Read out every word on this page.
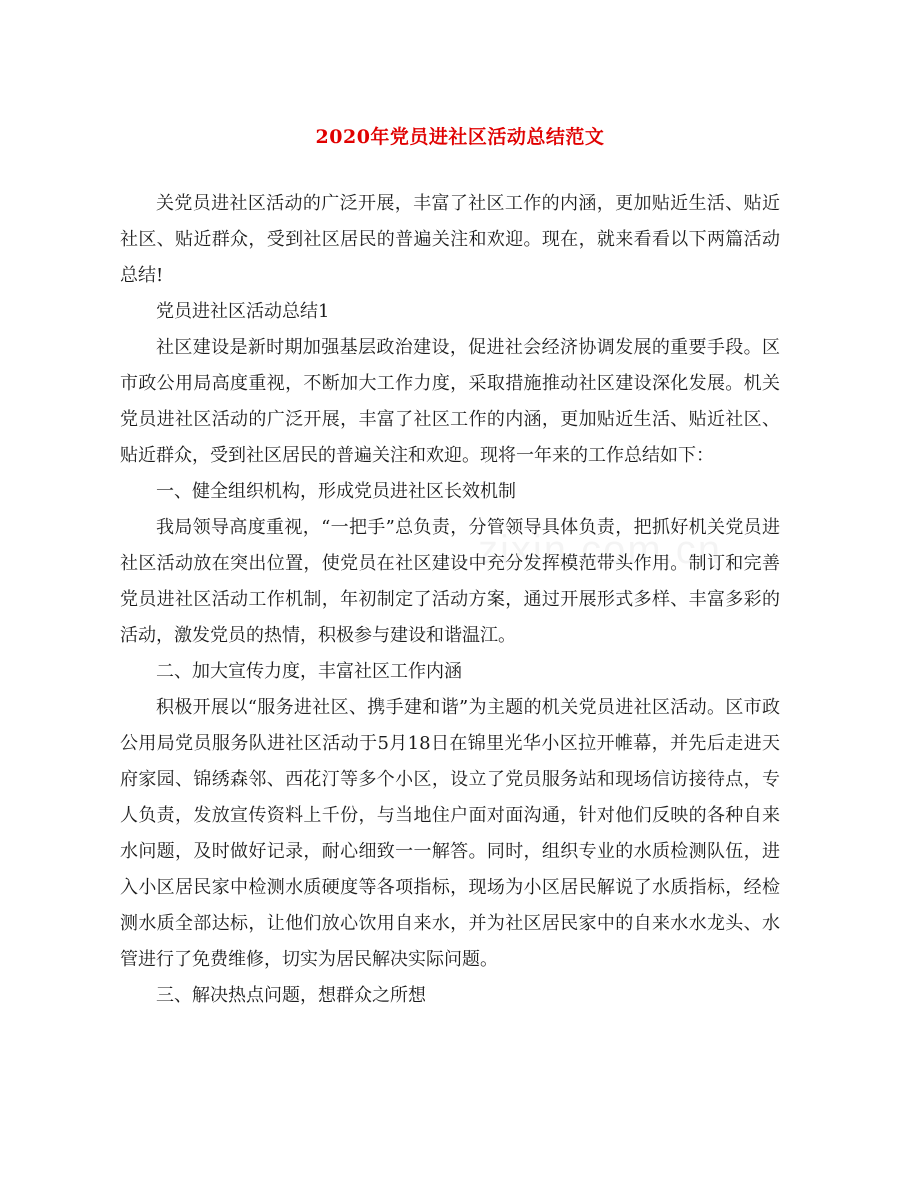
2020年党员进社区活动总结范文

关党员进社区活动的广泛开展，丰富了社区工作的内涵，更加贴近生活、贴近社区、贴近群众，受到社区居民的普遍关注和欢迎。现在，就来看看以下两篇活动总结!

党员进社区活动总结1

社区建设是新时期加强基层政治建设，促进社会经济协调发展的重要手段。区市政公用局高度重视，不断加大工作力度，采取措施推动社区建设深化发展。机关党员进社区活动的广泛开展，丰富了社区工作的内涵，更加贴近生活、贴近社区、贴近群众，受到社区居民的普遍关注和欢迎。现将一年来的工作总结如下：

一、健全组织机构，形成党员进社区长效机制

我局领导高度重视，“一把手”总负责，分管领导具体负责，把抓好机关党员进社区活动放在突出位置，使党员在社区建设中充分发挥模范带头作用。制订和完善党员进社区活动工作机制，年初制定了活动方案，通过开展形式多样、丰富多彩的活动，激发党员的热情，积极参与建设和谐温江。

二、加大宣传力度，丰富社区工作内涵

积极开展以“服务进社区、携手建和谐”为主题的机关党员进社区活动。区市政公用局党员服务队进社区活动于5月18日在锦里光华小区拉开帷幕，并先后走进天府家园、锦绣森邻、西花汀等多个小区，设立了党员服务站和现场信访接待点，专人负责，发放宣传资料上千份，与当地住户面对面沟通，针对他们反映的各种自来水问题，及时做好记录，耐心细致一一解答。同时，组织专业的水质检测队伍，进入小区居民家中检测水质硬度等各项指标，现场为小区居民解说了水质指标，经检测水质全部达标，让他们放心饮用自来水，并为社区居民家中的自来水水龙头、水管进行了免费维修，切实为居民解决实际问题。

三、解决热点问题，想群众之所想
